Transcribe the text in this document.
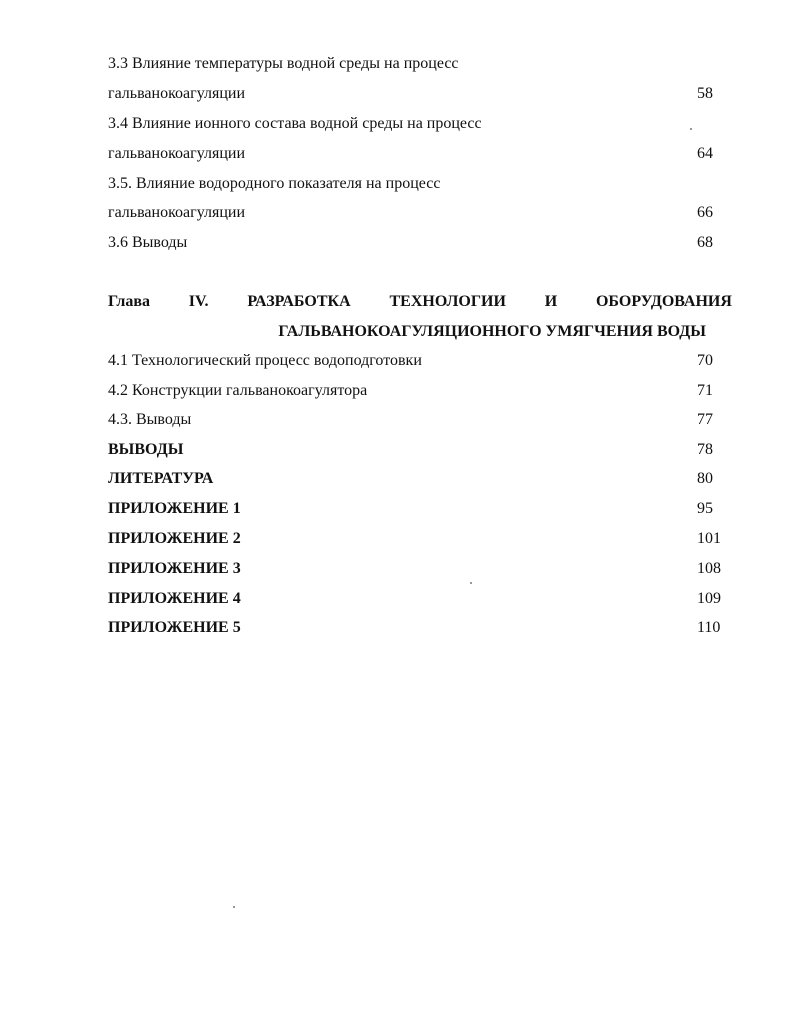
3.3 Влияние температуры водной среды на процесс
гальванокоагуляции	58
3.4 Влияние ионного состава водной среды на процесс
гальванокоагуляции	64
3.5. Влияние водородного показателя на процесс
гальванокоагуляции	66
3.6 Выводы	68
Глава IV. РАЗРАБОТКА ТЕХНОЛОГИИ И ОБОРУДОВАНИЯ
ГАЛЬВАНОКОАГУЛЯЦИОННОГО УМЯГЧЕНИЯ ВОДЫ
4.1 Технологический процесс водоподготовки	70
4.2 Конструкции гальванокоагулятора	71
4.3. Выводы	77
ВЫВОДЫ	78
ЛИТЕРАТУРА	80
ПРИЛОЖЕНИЕ 1	95
ПРИЛОЖЕНИЕ 2	101
ПРИЛОЖЕНИЕ 3	108
ПРИЛОЖЕНИЕ 4	109
ПРИЛОЖЕНИЕ 5	110
